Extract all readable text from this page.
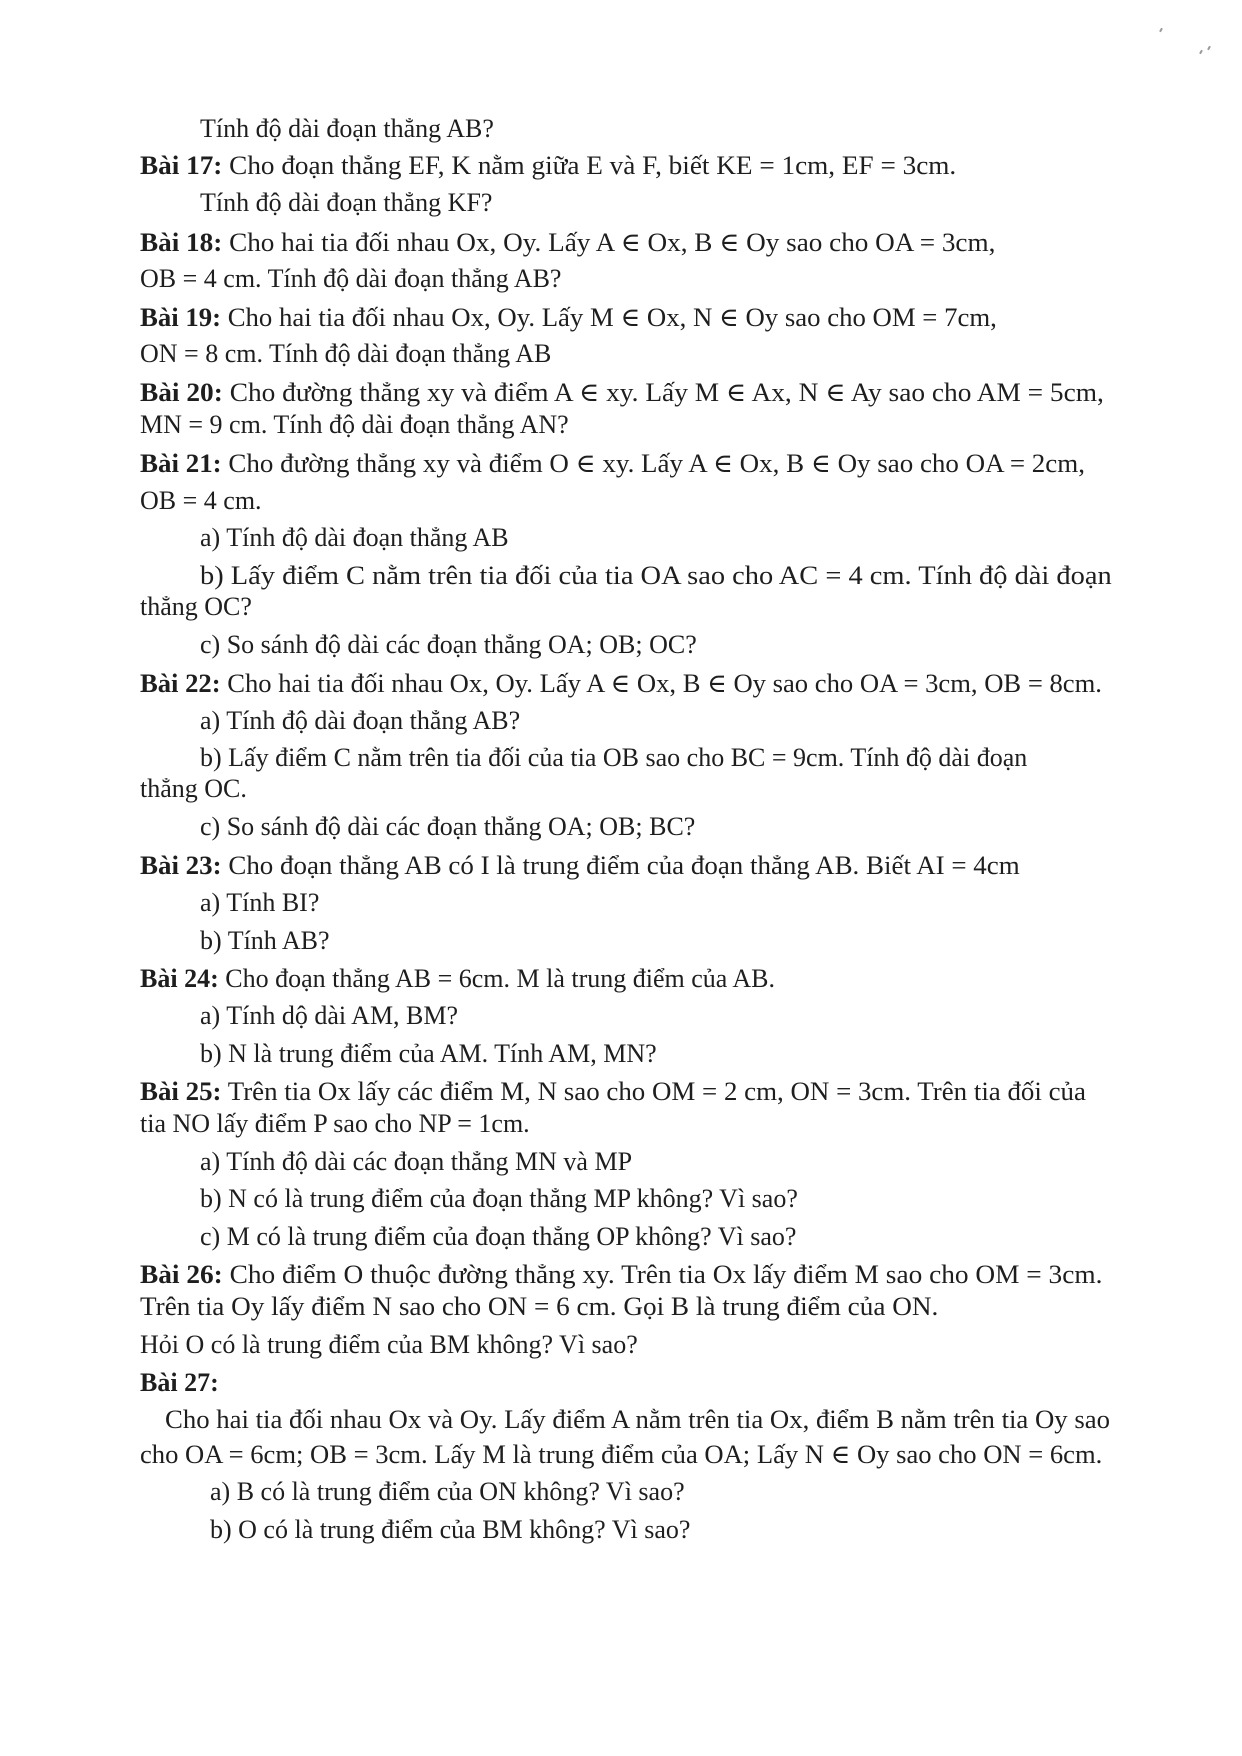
Tính độ dài đoạn thẳng AB?
Bài 17: Cho đoạn thẳng EF, K nằm giữa E và F, biết KE = 1cm, EF = 3cm.
Tính độ dài đoạn thẳng KF?
Bài 18: Cho hai tia đối nhau Ox, Oy. Lấy A ∈ Ox, B ∈ Oy sao cho OA = 3cm,
OB = 4 cm. Tính độ dài đoạn thẳng AB?
Bài 19: Cho hai tia đối nhau Ox, Oy. Lấy M ∈ Ox, N ∈ Oy sao cho OM = 7cm,
ON = 8 cm. Tính độ dài đoạn thẳng AB
Bài 20: Cho đường thẳng xy và điểm A ∈ xy. Lấy M ∈ Ax, N ∈ Ay sao cho AM = 5cm,
MN = 9 cm. Tính độ dài đoạn thẳng AN?
Bài 21: Cho đường thẳng xy và điểm O ∈ xy. Lấy A ∈ Ox, B ∈ Oy sao cho OA = 2cm,
OB = 4 cm.
a) Tính độ dài đoạn thẳng AB
b) Lấy điểm C nằm trên tia đối của tia OA sao cho AC = 4 cm. Tính độ dài đoạn
thẳng OC?
c) So sánh độ dài các đoạn thẳng OA; OB; OC?
Bài 22: Cho hai tia đối nhau Ox, Oy. Lấy A ∈ Ox, B ∈ Oy sao cho OA = 3cm, OB = 8cm.
a) Tính độ dài đoạn thẳng AB?
b) Lấy điểm C nằm trên tia đối của tia OB sao cho BC = 9cm. Tính độ dài đoạn
thẳng OC.
c) So sánh độ dài các đoạn thẳng OA; OB; BC?
Bài 23: Cho đoạn thẳng AB có I là trung điểm của đoạn thẳng AB. Biết AI = 4cm
a) Tính BI?
b) Tính AB?
Bài 24: Cho đoạn thẳng AB = 6cm. M là trung điểm của AB.
a) Tính dộ dài AM, BM?
b) N là trung điểm của AM. Tính AM, MN?
Bài 25: Trên tia Ox lấy các điểm M, N sao cho OM = 2 cm, ON = 3cm. Trên tia đối của
tia NO lấy điểm P sao cho NP = 1cm.
a) Tính độ dài các đoạn thẳng MN và MP
b) N có là trung điểm của đoạn thẳng MP không? Vì sao?
c) M có là trung điểm của đoạn thẳng OP không? Vì sao?
Bài 26: Cho điểm O thuộc đường thẳng xy. Trên tia Ox lấy điểm M sao cho OM = 3cm.
Trên tia Oy lấy điểm N sao cho ON = 6 cm. Gọi B là trung điểm của ON.
Hỏi O có là trung điểm của BM không? Vì sao?
Bài 27:
Cho hai tia đối nhau Ox và Oy. Lấy điểm A nằm trên tia Ox, điểm B nằm trên tia Oy sao
cho OA = 6cm; OB = 3cm. Lấy M là trung điểm của OA; Lấy N ∈ Oy sao cho ON = 6cm.
a) B có là trung điểm của ON không? Vì sao?
b) O có là trung điểm của BM không? Vì sao?
